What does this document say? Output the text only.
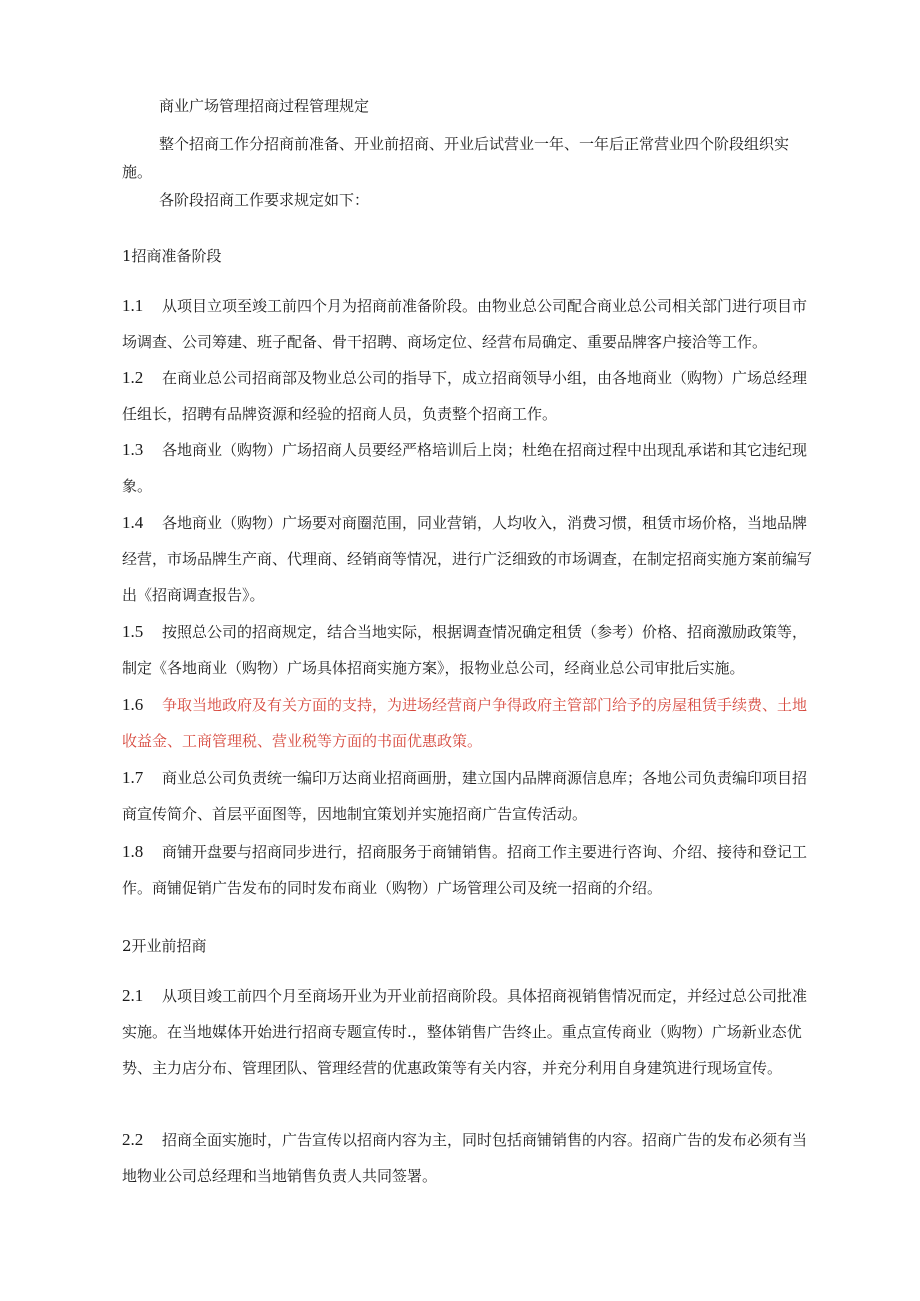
商业广场管理招商过程管理规定

整个招商工作分招商前准备、开业前招商、开业后试营业一年、一年后正常营业四个阶段组织实施。

各阶段招商工作要求规定如下：

1招商准备阶段

1.1 从项目立项至竣工前四个月为招商前准备阶段。由物业总公司配合商业总公司相关部门进行项目市场调查、公司筹建、班子配备、骨干招聘、商场定位、经营布局确定、重要品牌客户接洽等工作。

1.2 在商业总公司招商部及物业总公司的指导下，成立招商领导小组，由各地商业（购物）广场总经理任组长，招聘有品牌资源和经验的招商人员，负责整个招商工作。

1.3 各地商业（购物）广场招商人员要经严格培训后上岗；杜绝在招商过程中出现乱承诺和其它违纪现象。

1.4 各地商业（购物）广场要对商圈范围，同业营销，人均收入，消费习惯，租赁市场价格，当地品牌经营，市场品牌生产商、代理商、经销商等情况，进行广泛细致的市场调查，在制定招商实施方案前编写出《招商调查报告》。

1.5 按照总公司的招商规定，结合当地实际，根据调查情况确定租赁（参考）价格、招商激励政策等，制定《各地商业（购物）广场具体招商实施方案》，报物业总公司，经商业总公司审批后实施。

1.6 争取当地政府及有关方面的支持，为进场经营商户争得政府主管部门给予的房屋租赁手续费、土地收益金、工商管理税、营业税等方面的书面优惠政策。

1.7 商业总公司负责统一编印万达商业招商画册，建立国内品牌商源信息库；各地公司负责编印项目招商宣传简介、首层平面图等，因地制宜策划并实施招商广告宣传活动。

1.8 商铺开盘要与招商同步进行，招商服务于商铺销售。招商工作主要进行咨询、介绍、接待和登记工作。商铺促销广告发布的同时发布商业（购物）广场管理公司及统一招商的介绍。

2开业前招商

2.1 从项目竣工前四个月至商场开业为开业前招商阶段。具体招商视销售情况而定，并经过总公司批准实施。在当地媒体开始进行招商专题宣传时.，整体销售广告终止。重点宣传商业（购物）广场新业态优势、主力店分布、管理团队、管理经营的优惠政策等有关内容，并充分利用自身建筑进行现场宣传。

2.2 招商全面实施时，广告宣传以招商内容为主，同时包括商铺销售的内容。招商广告的发布必须有当地物业公司总经理和当地销售负责人共同签署。
